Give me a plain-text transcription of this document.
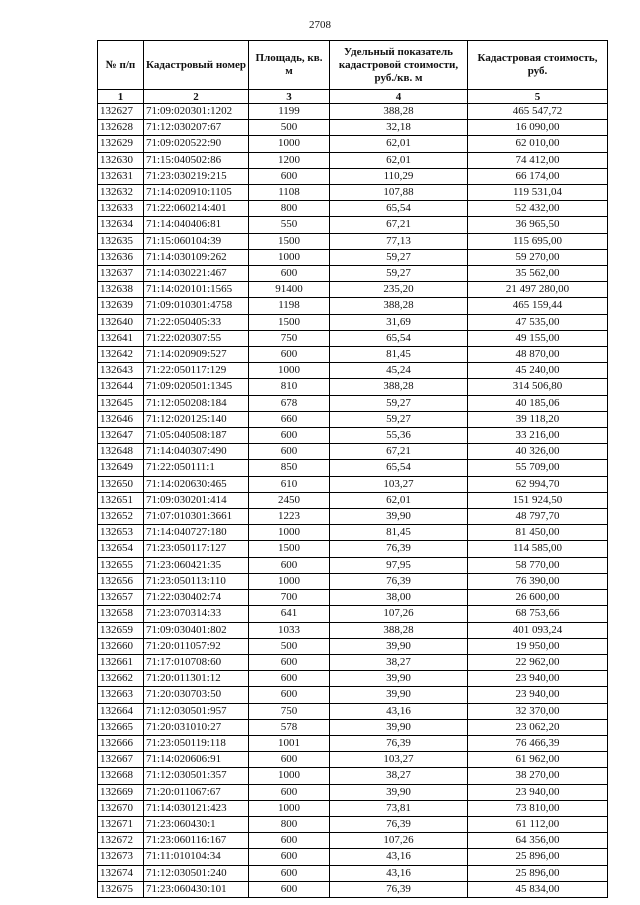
2708
№ п/п	Кадастровый номер	Площадь, кв. м	Удельный показатель кадастровой стоимости, руб./кв. м	Кадастровая стоимость, руб.
1	2	3	4	5
132627	71:09:020301:1202	1199	388,28	465 547,72
132628	71:12:030207:67	500	32,18	16 090,00
132629	71:09:020522:90	1000	62,01	62 010,00
132630	71:15:040502:86	1200	62,01	74 412,00
132631	71:23:030219:215	600	110,29	66 174,00
132632	71:14:020910:1105	1108	107,88	119 531,04
132633	71:22:060214:401	800	65,54	52 432,00
132634	71:14:040406:81	550	67,21	36 965,50
132635	71:15:060104:39	1500	77,13	115 695,00
132636	71:14:030109:262	1000	59,27	59 270,00
132637	71:14:030221:467	600	59,27	35 562,00
132638	71:14:020101:1565	91400	235,20	21 497 280,00
132639	71:09:010301:4758	1198	388,28	465 159,44
132640	71:22:050405:33	1500	31,69	47 535,00
132641	71:22:020307:55	750	65,54	49 155,00
132642	71:14:020909:527	600	81,45	48 870,00
132643	71:22:050117:129	1000	45,24	45 240,00
132644	71:09:020501:1345	810	388,28	314 506,80
132645	71:12:050208:184	678	59,27	40 185,06
132646	71:12:020125:140	660	59,27	39 118,20
132647	71:05:040508:187	600	55,36	33 216,00
132648	71:14:040307:490	600	67,21	40 326,00
132649	71:22:050111:1	850	65,54	55 709,00
132650	71:14:020630:465	610	103,27	62 994,70
132651	71:09:030201:414	2450	62,01	151 924,50
132652	71:07:010301:3661	1223	39,90	48 797,70
132653	71:14:040727:180	1000	81,45	81 450,00
132654	71:23:050117:127	1500	76,39	114 585,00
132655	71:23:060421:35	600	97,95	58 770,00
132656	71:23:050113:110	1000	76,39	76 390,00
132657	71:22:030402:74	700	38,00	26 600,00
132658	71:23:070314:33	641	107,26	68 753,66
132659	71:09:030401:802	1033	388,28	401 093,24
132660	71:20:011057:92	500	39,90	19 950,00
132661	71:17:010708:60	600	38,27	22 962,00
132662	71:20:011301:12	600	39,90	23 940,00
132663	71:20:030703:50	600	39,90	23 940,00
132664	71:12:030501:957	750	43,16	32 370,00
132665	71:20:031010:27	578	39,90	23 062,20
132666	71:23:050119:118	1001	76,39	76 466,39
132667	71:14:020606:91	600	103,27	61 962,00
132668	71:12:030501:357	1000	38,27	38 270,00
132669	71:20:011067:67	600	39,90	23 940,00
132670	71:14:030121:423	1000	73,81	73 810,00
132671	71:23:060430:1	800	76,39	61 112,00
132672	71:23:060116:167	600	107,26	64 356,00
132673	71:11:010104:34	600	43,16	25 896,00
132674	71:12:030501:240	600	43,16	25 896,00
132675	71:23:060430:101	600	76,39	45 834,00
